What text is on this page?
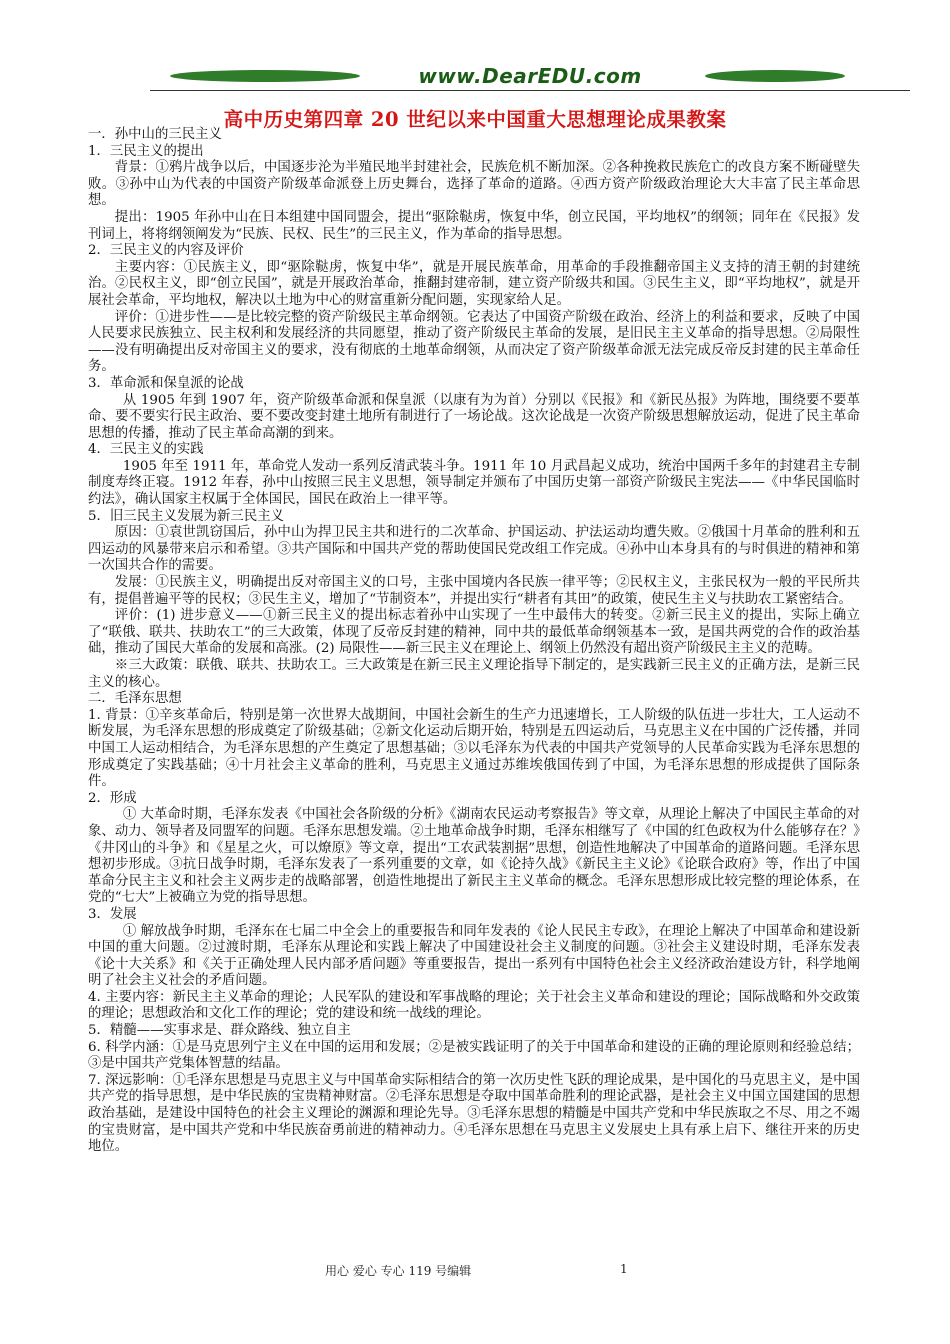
www.DearEDU.com
高中历史第四章 20 世纪以来中国重大思想理论成果教案

一．孙中山的三民主义

1．三民主义的提出

背景：①鸦片战争以后，中国逐步沦为半殖民地半封建社会，民族危机不断加深。②各种挽救民族危亡的改良方案不断碰壁失败。③孙中山为代表的中国资产阶级革命派登上历史舞台，选择了革命的道路。④西方资产阶级政治理论大大丰富了民主革命思想。

提出：1905 年孙中山在日本组建中国同盟会，提出“驱除鞑虏，恢复中华，创立民国，平均地权”的纲领；同年在《民报》发刊词上，将将纲领阐发为“民族、民权、民生”的三民主义，作为革命的指导思想。

2．三民主义的内容及评价

主要内容：①民族主义，即“驱除鞑虏，恢复中华”，就是开展民族革命，用革命的手段推翻帝国主义支持的清王朝的封建统治。②民权主义，即“创立民国”，就是开展政治革命，推翻封建帝制，建立资产阶级共和国。③民生主义，即“平均地权”，就是开展社会革命，平均地权，解决以土地为中心的财富重新分配问题，实现家给人足。

评价：①进步性——是比较完整的资产阶级民主革命纲领。它表达了中国资产阶级在政治、经济上的利益和要求，反映了中国人民要求民族独立、民主权利和发展经济的共同愿望，推动了资产阶级民主革命的发展，是旧民主主义革命的指导思想。②局限性——没有明确提出反对帝国主义的要求，没有彻底的土地革命纲领，从而决定了资产阶级革命派无法完成反帝反封建的民主革命任务。

3．革命派和保皇派的论战

从 1905 年到 1907 年，资产阶级革命派和保皇派（以康有为为首）分别以《民报》和《新民丛报》为阵地，围绕要不要革命、要不要实行民主政治、要不要改变封建土地所有制进行了一场论战。这次论战是一次资产阶级思想解放运动，促进了民主革命思想的传播，推动了民主革命高潮的到来。

4．三民主义的实践

1905 年至 1911 年，革命党人发动一系列反清武装斗争。1911 年 10 月武昌起义成功，统治中国两千多年的封建君主专制制度寿终正寝。1912 年春，孙中山按照三民主义思想，领导制定并颁布了中国历史第一部资产阶级民主宪法——《中华民国临时约法》，确认国家主权属于全体国民，国民在政治上一律平等。

5．旧三民主义发展为新三民主义

原因：①袁世凯窃国后，孙中山为捍卫民主共和进行的二次革命、护国运动、护法运动均遭失败。②俄国十月革命的胜利和五四运动的风暴带来启示和希望。③共产国际和中国共产党的帮助使国民党改组工作完成。④孙中山本身具有的与时俱进的精神和第一次国共合作的需要。

发展：①民族主义，明确提出反对帝国主义的口号，主张中国境内各民族一律平等；②民权主义，主张民权为一般的平民所共有，提倡普遍平等的民权；③民生主义，增加了“节制资本”，并提出实行“耕者有其田”的政策，使民生主义与扶助农工紧密结合。

评价：(1) 进步意义——①新三民主义的提出标志着孙中山实现了一生中最伟大的转变。②新三民主义的提出，实际上确立了“联俄、联共、扶助农工”的三大政策，体现了反帝反封建的精神，同中共的最低革命纲领基本一致，是国共两党的合作的政治基础，推动了国民大革命的发展和高涨。(2) 局限性——新三民主义在理论上、纲领上仍然没有超出资产阶级民主主义的范畴。

※三大政策：联俄、联共、扶助农工。三大政策是在新三民主义理论指导下制定的，是实践新三民主义的正确方法，是新三民主义的核心。

二．毛泽东思想

1. 背景：①辛亥革命后，特别是第一次世界大战期间，中国社会新生的生产力迅速增长，工人阶级的队伍进一步壮大，工人运动不断发展，为毛泽东思想的形成奠定了阶级基础；②新文化运动后期开始，特别是五四运动后，马克思主义在中国的广泛传播，并同中国工人运动相结合，为毛泽东思想的产生奠定了思想基础；③以毛泽东为代表的中国共产党领导的人民革命实践为毛泽东思想的形成奠定了实践基础；④十月社会主义革命的胜利，马克思主义通过苏维埃俄国传到了中国，为毛泽东思想的形成提供了国际条件。

2．形成

① 大革命时期，毛泽东发表《中国社会各阶级的分析》《湖南农民运动考察报告》等文章，从理论上解决了中国民主革命的对象、动力、领导者及同盟军的问题。毛泽东思想发端。②土地革命战争时期，毛泽东相继写了《中国的红色政权为什么能够存在？》《井冈山的斗争》和《星星之火，可以燎原》等文章，提出“工农武装割据”思想，创造性地解决了中国革命的道路问题。毛泽东思想初步形成。③抗日战争时期，毛泽东发表了一系列重要的文章，如《论持久战》《新民主主义论》《论联合政府》等，作出了中国革命分民主主义和社会主义两步走的战略部署，创造性地提出了新民主主义革命的概念。毛泽东思想形成比较完整的理论体系，在党的“七大”上被确立为党的指导思想。

3．发展

① 解放战争时期，毛泽东在七届二中全会上的重要报告和同年发表的《论人民民主专政》，在理论上解决了中国革命和建设新中国的重大问题。②过渡时期，毛泽东从理论和实践上解决了中国建设社会主义制度的问题。③社会主义建设时期，毛泽东发表《论十大关系》和《关于正确处理人民内部矛盾问题》等重要报告，提出一系列有中国特色社会主义经济政治建设方针，科学地阐明了社会主义社会的矛盾问题。

4. 主要内容：新民主主义革命的理论；人民军队的建设和军事战略的理论；关于社会主义革命和建设的理论；国际战略和外交政策的理论；思想政治和文化工作的理论；党的建设和统一战线的理论。

5．精髓——实事求是、群众路线、独立自主

6. 科学内涵：①是马克思列宁主义在中国的运用和发展；②是被实践证明了的关于中国革命和建设的正确的理论原则和经验总结；③是中国共产党集体智慧的结晶。

7. 深远影响：①毛泽东思想是马克思主义与中国革命实际相结合的第一次历史性飞跃的理论成果，是中国化的马克思主义，是中国共产党的指导思想，是中华民族的宝贵精神财富。②毛泽东思想是夺取中国革命胜利的理论武器，是社会主义中国立国建国的思想政治基础，是建设中国特色的社会主义理论的渊源和理论先导。③毛泽东思想的精髓是中国共产党和中华民族取之不尽、用之不竭的宝贵财富，是中国共产党和中华民族奋勇前进的精神动力。④毛泽东思想在马克思主义发展史上具有承上启下、继往开来的历史地位。

用心 爱心 专心 119 号编辑	1
